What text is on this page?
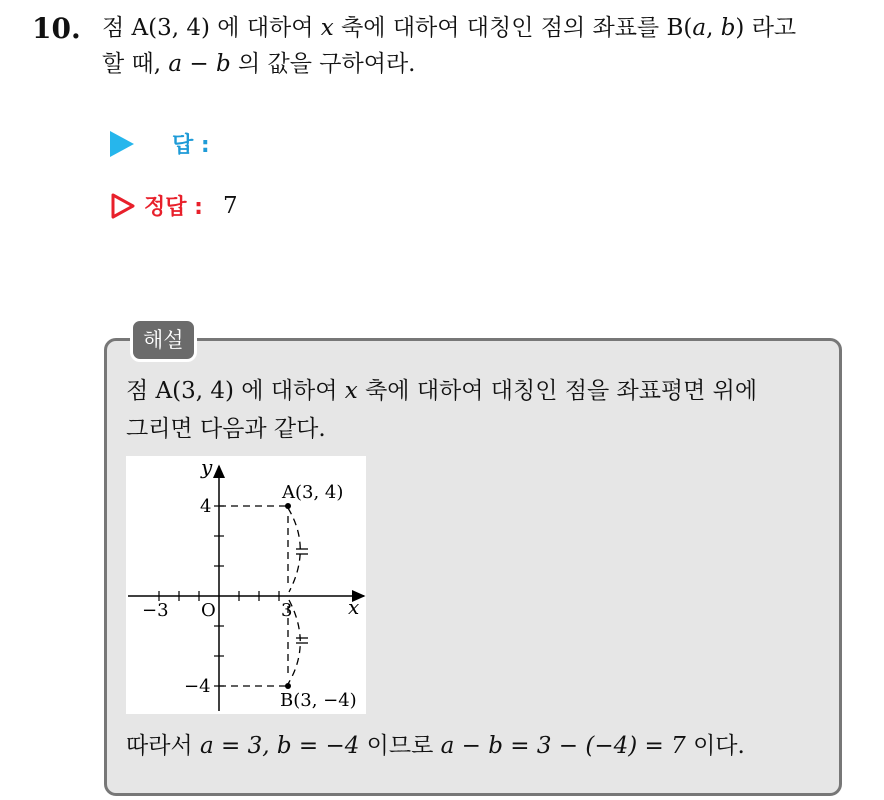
10. 점 A(3, 4) 에 대하여 x 축에 대하여 대칭인 점의 좌표를 B(a, b) 라고
할 때, a − b 의 값을 구하여라.
답 :
정답 : 7
해설
점 A(3, 4) 에 대하여 x 축에 대하여 대칭인 점을 좌표평면 위에
그리면 다음과 같다.
y
x
O
−3	3
4
−4
A(3, 4)
B(3, −4)
따라서 a = 3, b = −4 이므로 a − b = 3 − (−4) = 7 이다.
